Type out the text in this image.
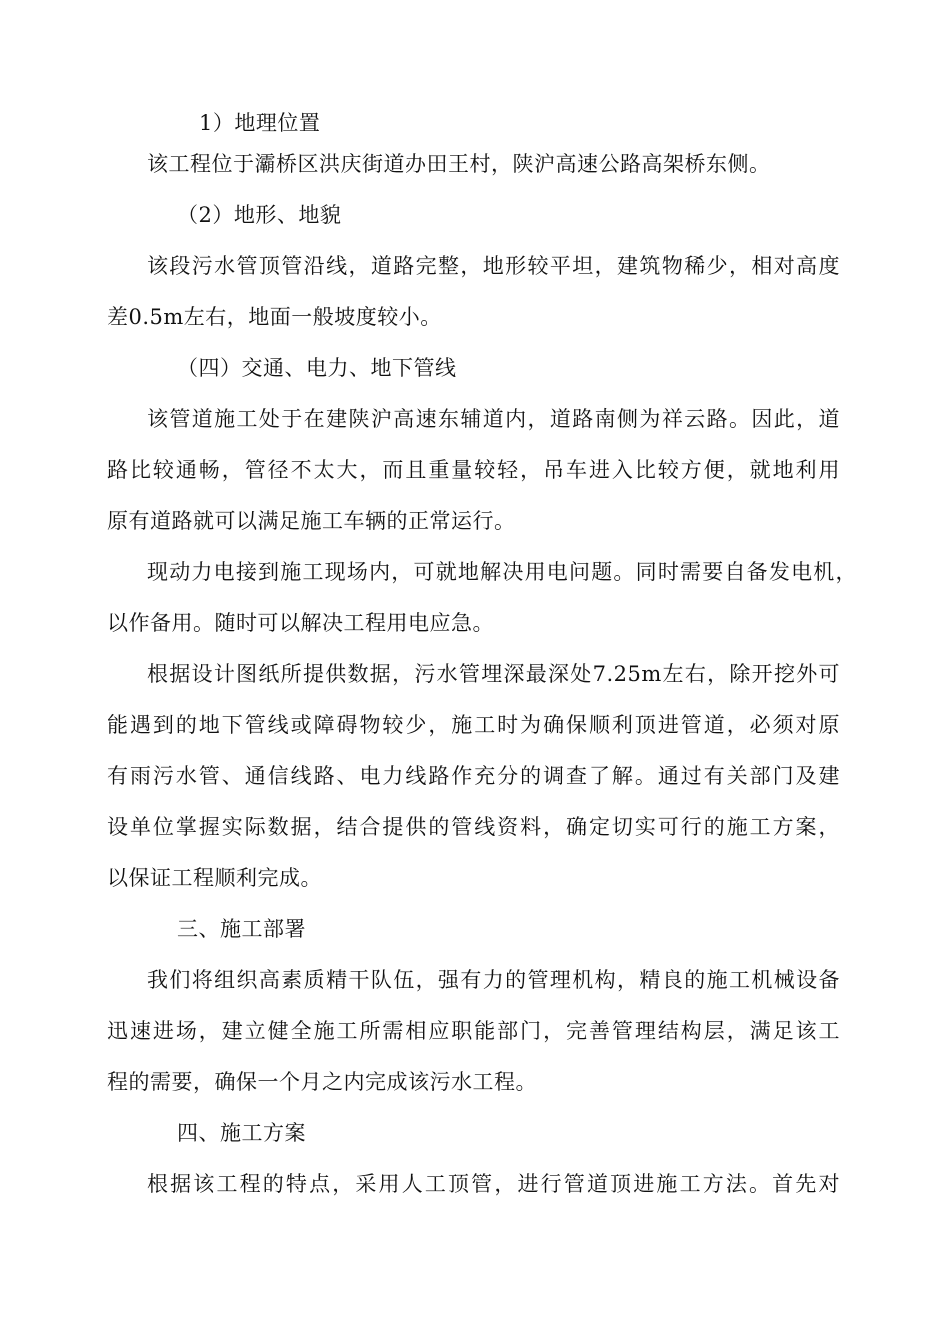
1）地理位置
该工程位于灞桥区洪庆街道办田王村，陕沪高速公路高架桥东侧。
（2）地形、地貌
该段污水管顶管沿线，道路完整，地形较平坦，建筑物稀少，相对高度
差0.5m左右，地面一般坡度较小。
（四）交通、电力、地下管线
该管道施工处于在建陕沪高速东辅道内，道路南侧为祥云路。因此，道
路比较通畅，管径不太大，而且重量较轻，吊车进入比较方便，就地利用
原有道路就可以满足施工车辆的正常运行。
现动力电接到施工现场内，可就地解决用电问题。同时需要自备发电机，
以作备用。随时可以解决工程用电应急。
根据设计图纸所提供数据，污水管埋深最深处7.25m左右，除开挖外可
能遇到的地下管线或障碍物较少，施工时为确保顺利顶进管道，必须对原
有雨污水管、通信线路、电力线路作充分的调查了解。通过有关部门及建
设单位掌握实际数据，结合提供的管线资料，确定切实可行的施工方案，
以保证工程顺利完成。
三、施工部署
我们将组织高素质精干队伍，强有力的管理机构，精良的施工机械设备
迅速进场，建立健全施工所需相应职能部门，完善管理结构层，满足该工
程的需要，确保一个月之内完成该污水工程。
四、施工方案
根据该工程的特点，采用人工顶管，进行管道顶进施工方法。首先对
